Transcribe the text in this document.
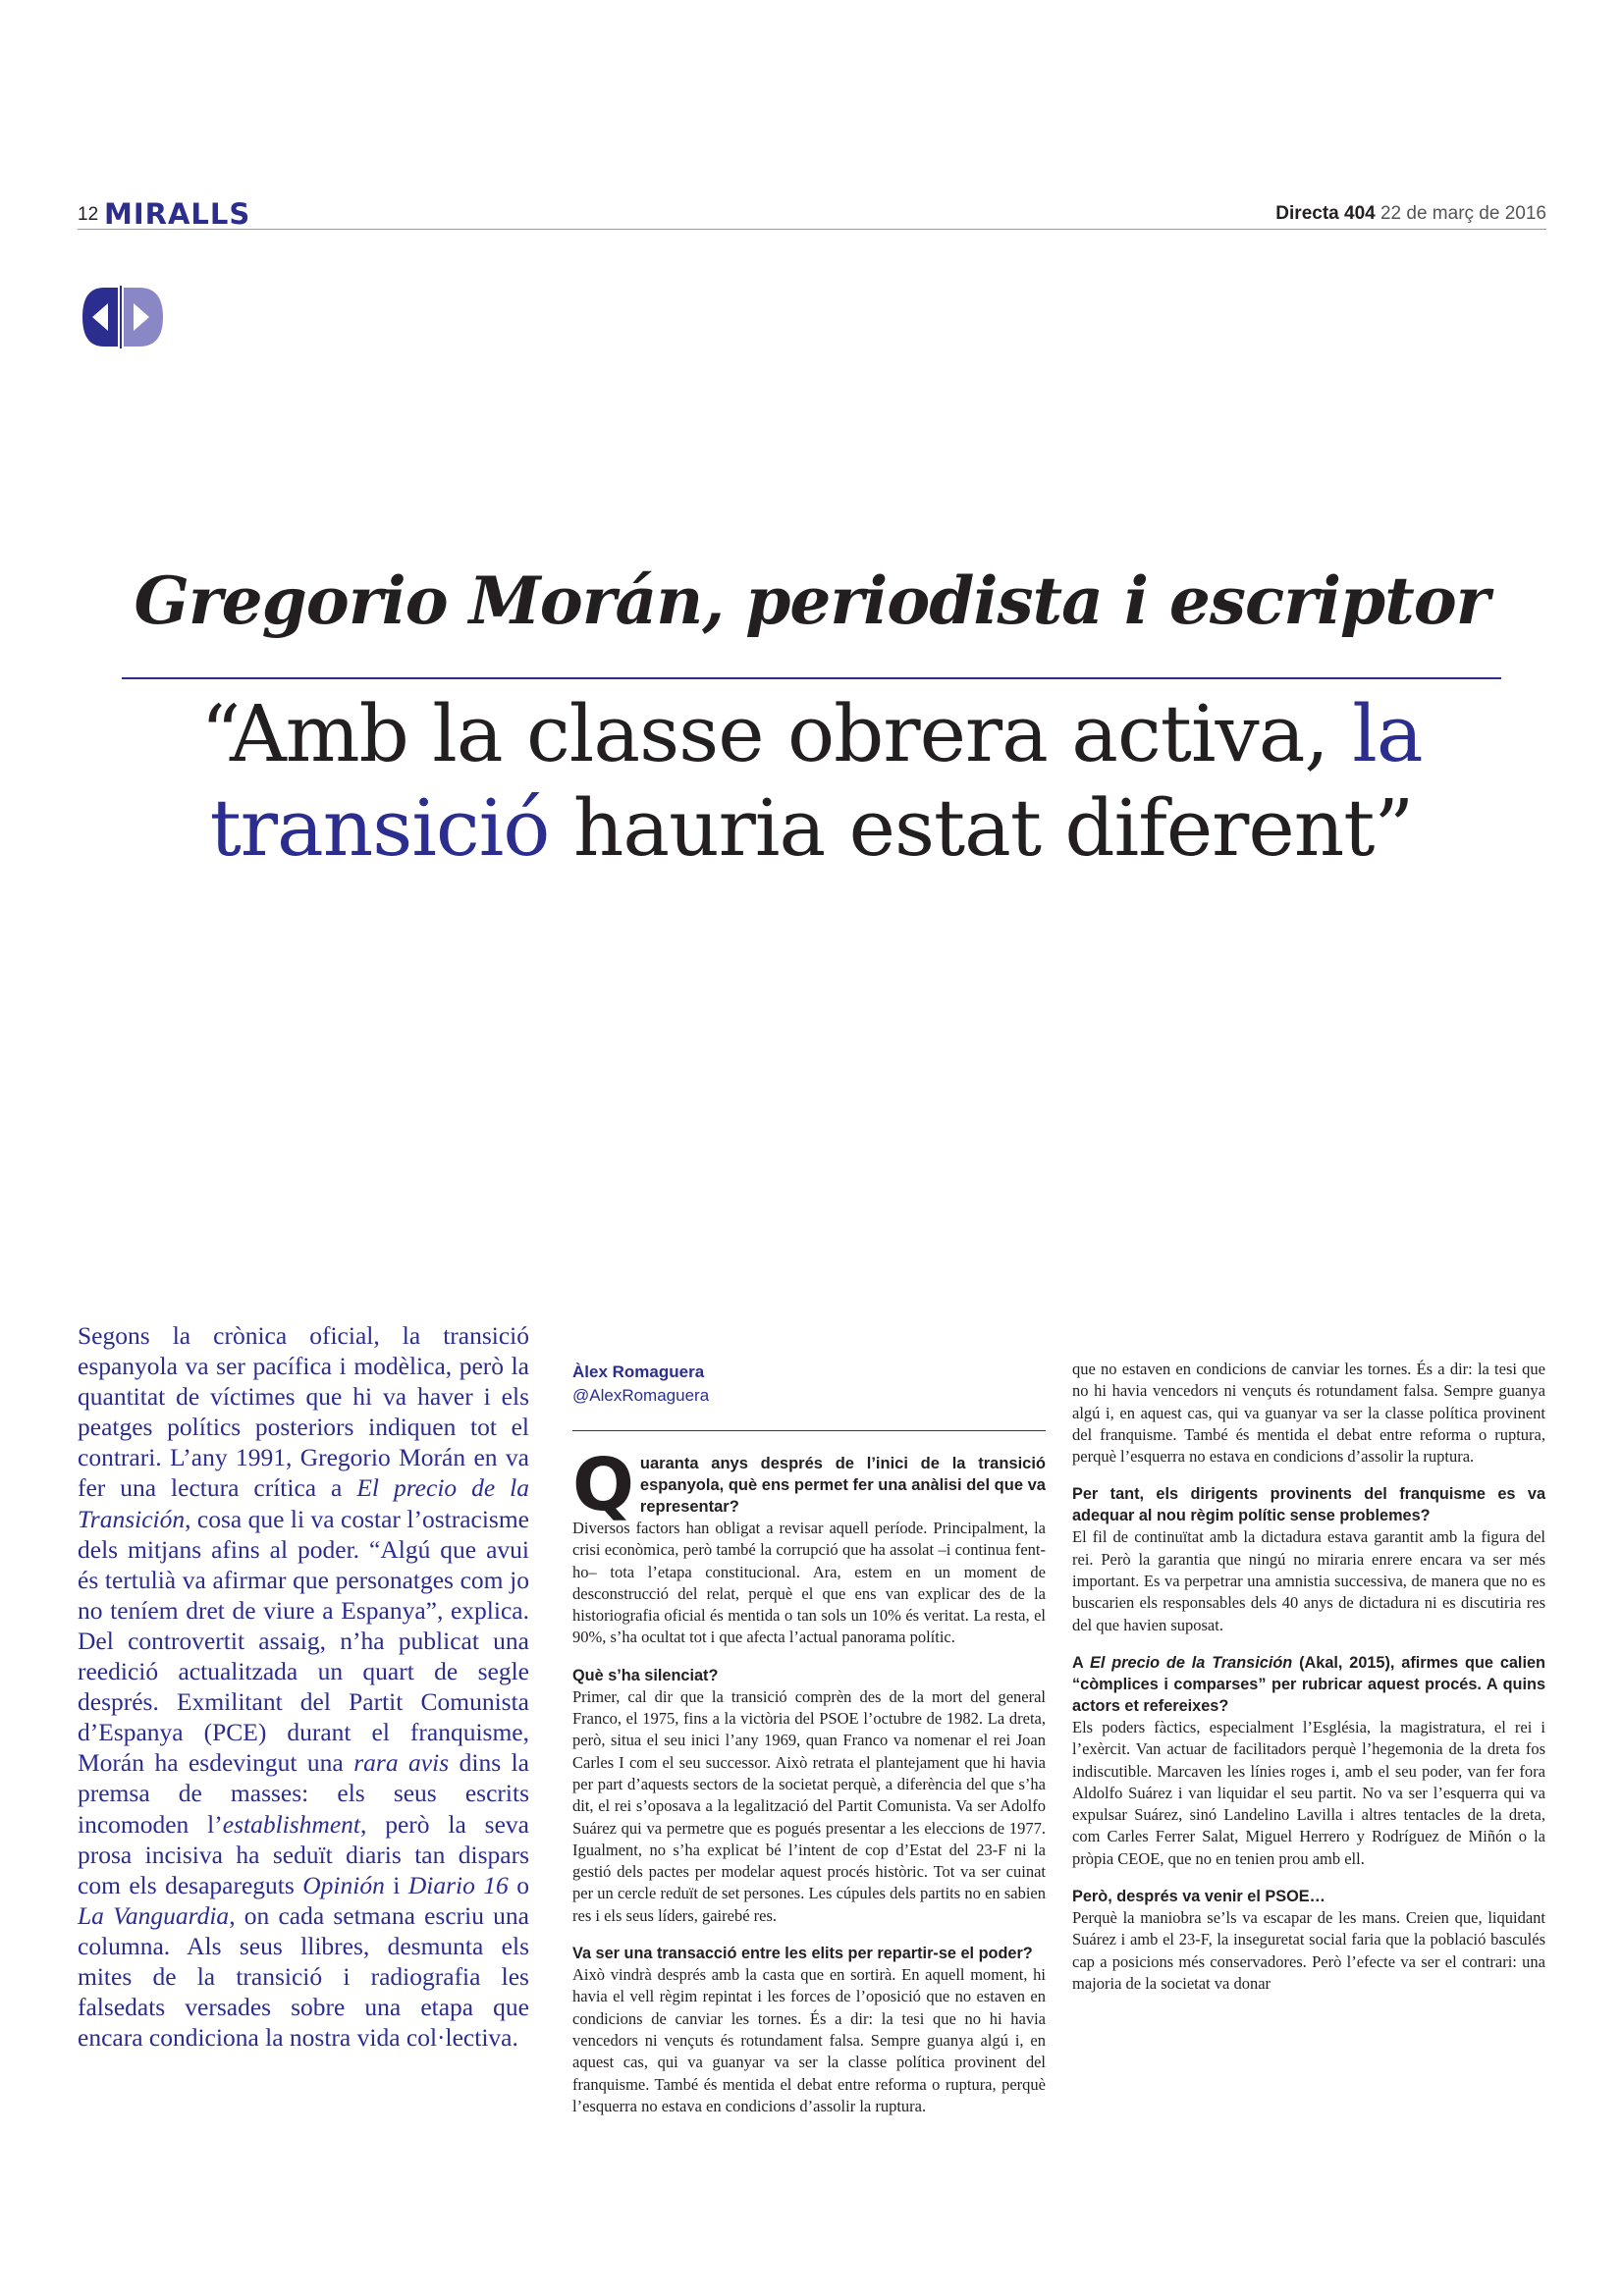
12 MIRALLS	Directa 404 22 de març de 2016
Gregorio Morán, periodista i escriptor
“Amb la classe obrera activa, la
transició hauria estat diferent”

Segons la crònica oficial, la transició espanyola va ser pacífica i modèlica, però la quantitat de víctimes que hi va haver i els peatges polítics posteriors indiquen tot el contrari. L’any 1991, Gregorio Morán en va fer una lectura crítica a El precio de la Transición, cosa que li va costar l’ostracisme dels mitjans afins al poder. “Algú que avui és tertulià va afirmar que personatges com jo no teníem dret de viure a Espanya”, explica. Del controvertit assaig, n’ha publicat una reedició actualitzada un quart de segle després. Exmilitant del Partit Comunista d’Espanya (PCE) durant el franquisme, Morán ha esdevingut una rara avis dins la premsa de masses: els seus escrits incomoden l’establishment, però la seva prosa incisiva ha seduït diaris tan dispars com els desapareguts Opinión i Diario 16 o La Vanguardia, on cada setmana escriu una columna. Als seus llibres, desmunta els mites de la transició i radiografia les falsedats versades sobre una etapa que encara condiciona la nostra vida col·lectiva.

Àlex Romaguera
@AlexRomaguera

Quaranta anys després de l’inici de la transició espanyola, què ens permet fer una anàlisi del que va representar?

Diversos factors han obligat a revisar aquell període. Principalment, la crisi econòmica, però també la corrupció que ha assolat –i continua fent-ho– tota l’etapa constitucional. Ara, estem en un moment de desconstrucció del relat, perquè el que ens van explicar des de la historiografia oficial és mentida o tan sols un 10% és veritat. La resta, el 90%, s’ha ocultat tot i que afecta l’actual panorama polític.

Què s’ha silenciat?

Primer, cal dir que la transició comprèn des de la mort del general Franco, el 1975, fins a la victòria del PSOE l’octubre de 1982. La dreta, però, situa el seu inici l’any 1969, quan Franco va nomenar el rei Joan Carles I com el seu successor. Això retrata el plantejament que hi havia per part d’aquests sectors de la societat perquè, a diferència del que s’ha dit, el rei s’oposava a la legalització del Partit Comunista. Va ser Adolfo Suárez qui va permetre que es pogués presentar a les eleccions de 1977. Igualment, no s’ha explicat bé l’intent de cop d’Estat del 23-F ni la gestió dels pactes per modelar aquest procés històric. Tot va ser cuinat per un cercle reduït de set persones. Les cúpules dels partits no en sabien res i els seus líders, gairebé res.

Va ser una transacció entre les elits per repartir-se el poder?

Això vindrà després amb la casta que en sortirà. En aquell moment, hi havia el vell règim repintat i les forces de l’oposició que no estaven en condicions de canviar les tornes. És a dir: la tesi que no hi havia vencedors ni vençuts és rotundament falsa. Sempre guanya algú i, en aquest cas, qui va guanyar va ser la classe política provinent del franquisme. També és mentida el debat entre reforma o ruptura, perquè l’esquerra no estava en condicions d’assolir la ruptura.

que no estaven en condicions de canviar les tornes. És a dir: la tesi que no hi havia vencedors ni vençuts és rotundament falsa. Sempre guanya algú i, en aquest cas, qui va guanyar va ser la classe política provinent del franquisme. També és mentida el debat entre reforma o ruptura, perquè l’esquerra no estava en condicions d’assolir la ruptura.

Per tant, els dirigents provinents del franquisme es va adequar al nou règim polític sense problemes?

El fil de continuïtat amb la dictadura estava garantit amb la figura del rei. Però la garantia que ningú no miraria enrere encara va ser més important. Es va perpetrar una amnistia successiva, de manera que no es buscarien els responsables dels 40 anys de dictadura ni es discutiria res del que havien suposat.

A El precio de la Transición (Akal, 2015), afirmes que calien “còmplices i comparses” per rubricar aquest procés. A quins actors et refereixes?

Els poders fàctics, especialment l’Església, la magistratura, el rei i l’exèrcit. Van actuar de facilitadors perquè l’hegemonia de la dreta fos indiscutible. Marcaven les línies roges i, amb el seu poder, van fer fora Aldolfo Suárez i van liquidar el seu partit. No va ser l’esquerra qui va expulsar Suárez, sinó Landelino Lavilla i altres tentacles de la dreta, com Carles Ferrer Salat, Miguel Herrero y Rodríguez de Miñón o la pròpia CEOE, que no en tenien prou amb ell.

Però, després va venir el PSOE…

Perquè la maniobra se’ls va escapar de les mans. Creien que, liquidant Suárez i amb el 23-F, la inseguretat social faria que la població basculés cap a posicions més conservadores. Però l’efecte va ser el contrari: una majoria de la societat va donar
